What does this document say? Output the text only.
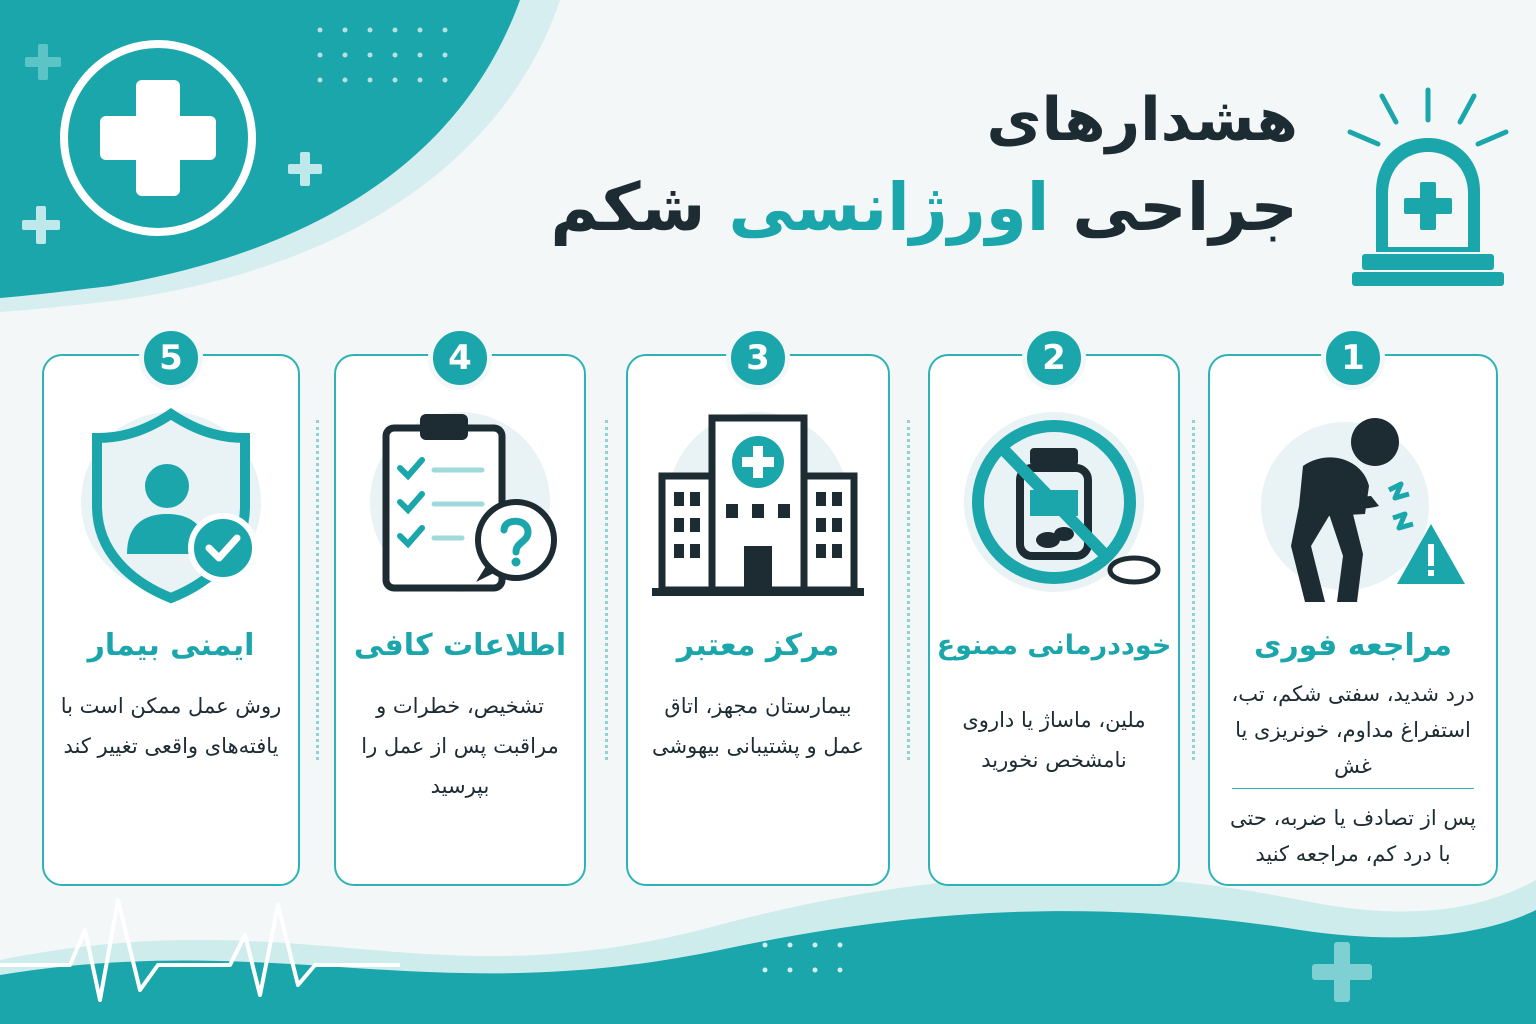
هشدارهای
جراحی اورژانسی شکم
1
مراجعه فوری
درد شدید، سفتی شکم، تب، استفراغ مداوم، خونریزی یا غش
پس از تصادف یا ضربه، حتی با درد کم، مراجعه کنید
2
خوددرمانی ممنوع
ملین، ماساژ یا داروی نامشخص نخورید
3
مرکز معتبر
بیمارستان مجهز، اتاق عمل و پشتیبانی بیهوشی
4
اطلاعات کافی
تشخیص، خطرات و مراقبت پس از عمل را بپرسید
5
ایمنی بیمار
روش عمل ممکن است با یافته‌های واقعی تغییر کند
